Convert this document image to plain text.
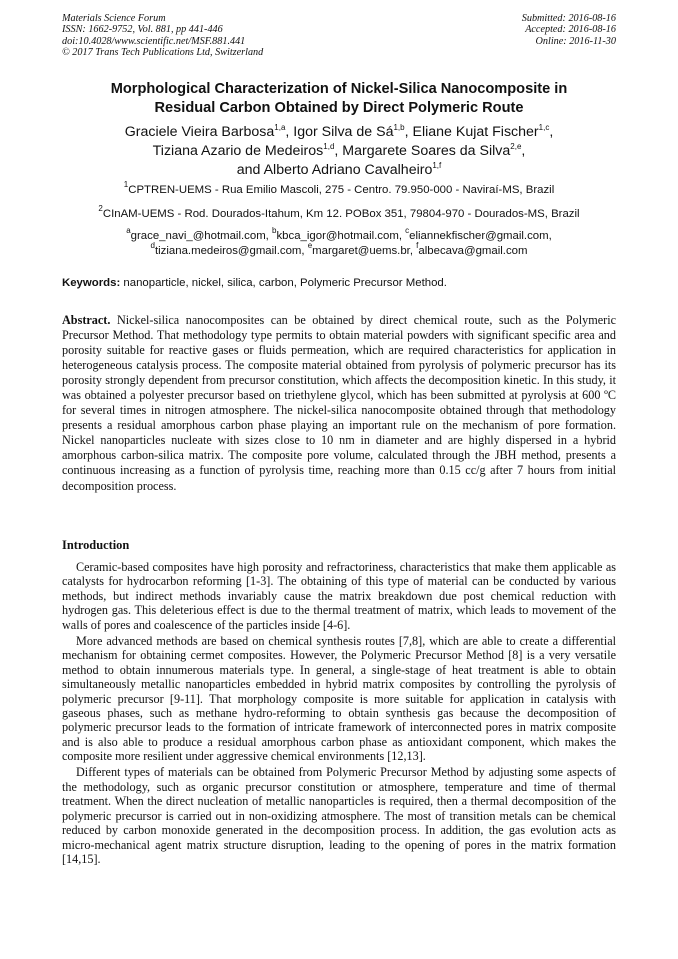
Materials Science Forum
ISSN: 1662-9752, Vol. 881, pp 441-446
doi:10.4028/www.scientific.net/MSF.881.441
© 2017 Trans Tech Publications Ltd, Switzerland
Submitted: 2016-08-16
Accepted: 2016-08-16
Online: 2016-11-30
Morphological Characterization of Nickel-Silica Nanocomposite in
Residual Carbon Obtained by Direct Polymeric Route
Graciele Vieira Barbosa$^{1,a}$, Igor Silva de Sá$^{1,b}$, Eliane Kujat Fischer$^{1,c}$,
Tiziana Azario de Medeiros$^{1,d}$, Margarete Soares da Silva$^{2,e}$,
and Alberto Adriano Cavalheiro$^{1,f}$
$^1$CPTREN-UEMS - Rua Emilio Mascoli, 275 - Centro. 79.950-000 - Naviraí-MS, Brazil
$^2$CInAM-UEMS - Rod. Dourados-Itahum, Km 12. POBox 351, 79804-970 - Dourados-MS, Brazil
$^a$grace_navi_@hotmail.com, $^b$kbca_igor@hotmail.com, $^c$eliannekfischer@gmail.com,
$^d$tiziana.medeiros@gmail.com, $^e$margaret@uems.br, $^f$albecava@gmail.com
Keywords: nanoparticle, nickel, silica, carbon, Polymeric Precursor Method.
Abstract. Nickel-silica nanocomposites can be obtained by direct chemical route, such as the Polymeric Precursor Method. That methodology type permits to obtain material powders with significant specific area and porosity suitable for reactive gases or fluids permeation, which are required characteristics for application in heterogeneous catalysis process. The composite material obtained from pyrolysis of polymeric precursor has its porosity strongly dependent from precursor constitution, which affects the decomposition kinetic. In this study, it was obtained a polyester precursor based on triethylene glycol, which has been submitted at pyrolysis at 600 ºC for several times in nitrogen atmosphere. The nickel-silica nanocomposite obtained through that methodology presents a residual amorphous carbon phase playing an important rule on the mechanism of pore formation. Nickel nanoparticles nucleate with sizes close to 10 nm in diameter and are highly dispersed in a hybrid amorphous carbon-silica matrix. The composite pore volume, calculated through the JBH method, presents a continuous increasing as a function of pyrolysis time, reaching more than 0.15 cc/g after 7 hours from initial decomposition process.
Introduction

Ceramic-based composites have high porosity and refractoriness, characteristics that make them applicable as catalysts for hydrocarbon reforming [1-3]. The obtaining of this type of material can be conducted by various methods, but indirect methods invariably cause the matrix breakdown due post chemical reduction with hydrogen gas. This deleterious effect is due to the thermal treatment of matrix, which leads to movement of the walls of pores and coalescence of the particles inside [4-6].

More advanced methods are based on chemical synthesis routes [7,8], which are able to create a differential mechanism for obtaining cermet composites. However, the Polymeric Precursor Method [8] is a very versatile method to obtain innumerous materials type. In general, a single-stage of heat treatment is able to obtain simultaneously metallic nanoparticles embedded in hybrid matrix composites by controlling the pyrolysis of polymeric precursor [9-11]. That morphology composite is more suitable for application in catalysis with gaseous phases, such as methane hydro-reforming to obtain synthesis gas because the decomposition of polymeric precursor leads to the formation of intricate framework of interconnected pores in matrix composite and is also able to produce a residual amorphous carbon phase as antioxidant component, which makes the composite more resilient under aggressive chemical environments [12,13].

Different types of materials can be obtained from Polymeric Precursor Method by adjusting some aspects of the methodology, such as organic precursor constitution or atmosphere, temperature and time of thermal treatment. When the direct nucleation of metallic nanoparticles is required, then a thermal decomposition of the polymeric precursor is carried out in non-oxidizing atmosphere. The most of transition metals can be chemical reduced by carbon monoxide generated in the decomposition process. In addition, the gas evolution acts as micro-mechanical agent matrix structure disruption, leading to the opening of pores in the matrix formation [14,15].
